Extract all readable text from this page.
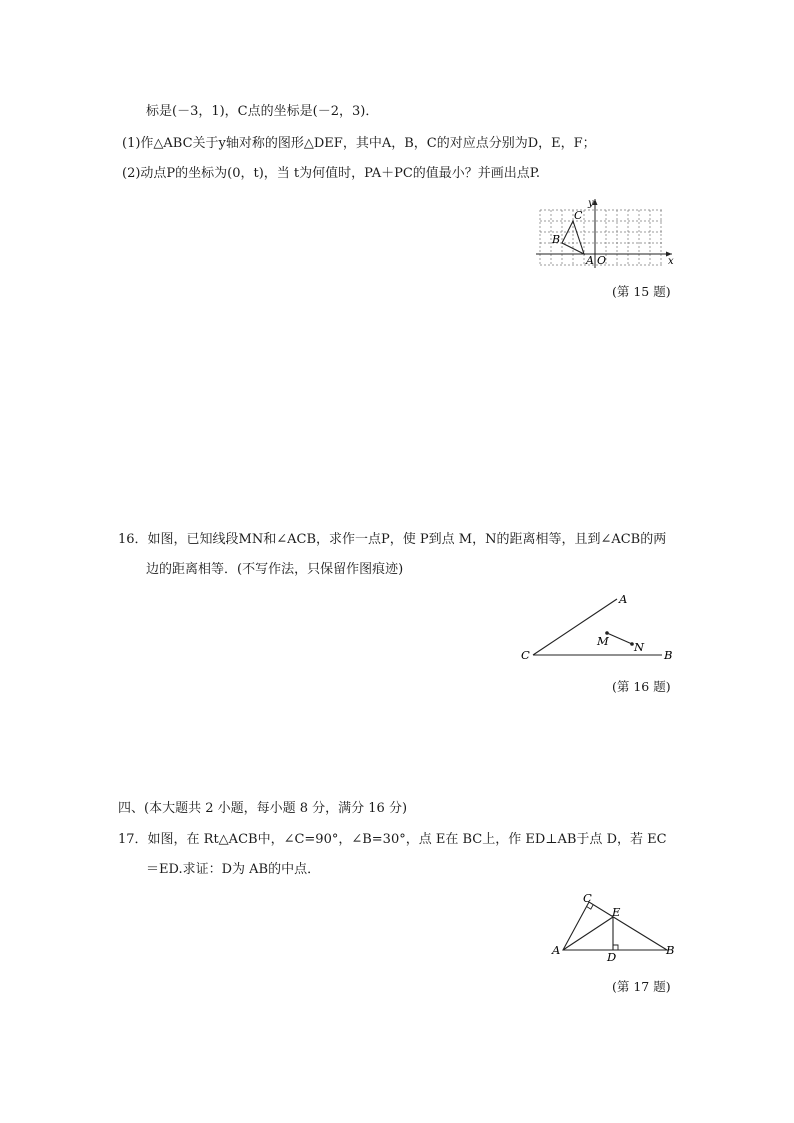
标是(－3，1)，C点的坐标是(－2，3)．
(1)作△ABC关于y轴对称的图形△DEF，其中A，B，C的对应点分别为D，E，F；
(2)动点P的坐标为(0，t)，当 t为何值时，PA＋PC的值最小？并画出点P.
y
x
C
B
A O
(第 15 题)
16．如图，已知线段MN和∠ACB，求作一点P，使 P到点 M，N的距离相等，且到∠ACB的两
边的距离相等．(不写作法，只保留作图痕迹)
A
C	B
M N
(第 16 题)
四、(本大题共 2 小题，每小题 8 分，满分 16 分)
17．如图，在 Rt△ACB中，∠C=90°，∠B=30°，点 E在 BC上，作 ED⊥AB于点 D，若 EC
＝ED.求证：D为 AB的中点．
C
E
A	D	B
(第 17 题)
